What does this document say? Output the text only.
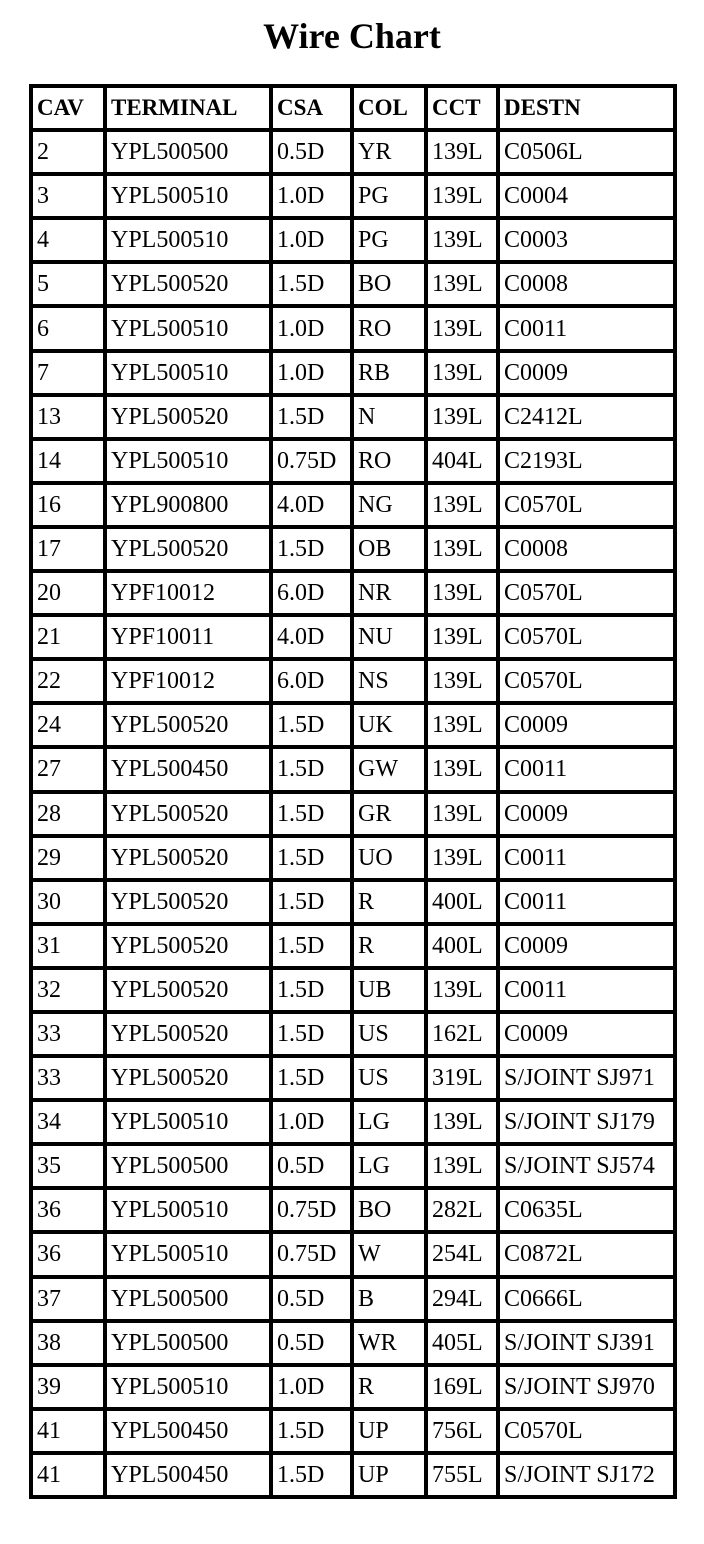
Wire Chart
CAV	TERMINAL	CSA	COL	CCT	DESTN
2	YPL500500	0.5D	YR	139L	C0506L
3	YPL500510	1.0D	PG	139L	C0004
4	YPL500510	1.0D	PG	139L	C0003
5	YPL500520	1.5D	BO	139L	C0008
6	YPL500510	1.0D	RO	139L	C0011
7	YPL500510	1.0D	RB	139L	C0009
13	YPL500520	1.5D	N	139L	C2412L
14	YPL500510	0.75D	RO	404L	C2193L
16	YPL900800	4.0D	NG	139L	C0570L
17	YPL500520	1.5D	OB	139L	C0008
20	YPF10012	6.0D	NR	139L	C0570L
21	YPF10011	4.0D	NU	139L	C0570L
22	YPF10012	6.0D	NS	139L	C0570L
24	YPL500520	1.5D	UK	139L	C0009
27	YPL500450	1.5D	GW	139L	C0011
28	YPL500520	1.5D	GR	139L	C0009
29	YPL500520	1.5D	UO	139L	C0011
30	YPL500520	1.5D	R	400L	C0011
31	YPL500520	1.5D	R	400L	C0009
32	YPL500520	1.5D	UB	139L	C0011
33	YPL500520	1.5D	US	162L	C0009
33	YPL500520	1.5D	US	319L	S/JOINT SJ971
34	YPL500510	1.0D	LG	139L	S/JOINT SJ179
35	YPL500500	0.5D	LG	139L	S/JOINT SJ574
36	YPL500510	0.75D	BO	282L	C0635L
36	YPL500510	0.75D	W	254L	C0872L
37	YPL500500	0.5D	B	294L	C0666L
38	YPL500500	0.5D	WR	405L	S/JOINT SJ391
39	YPL500510	1.0D	R	169L	S/JOINT SJ970
41	YPL500450	1.5D	UP	756L	C0570L
41	YPL500450	1.5D	UP	755L	S/JOINT SJ172
